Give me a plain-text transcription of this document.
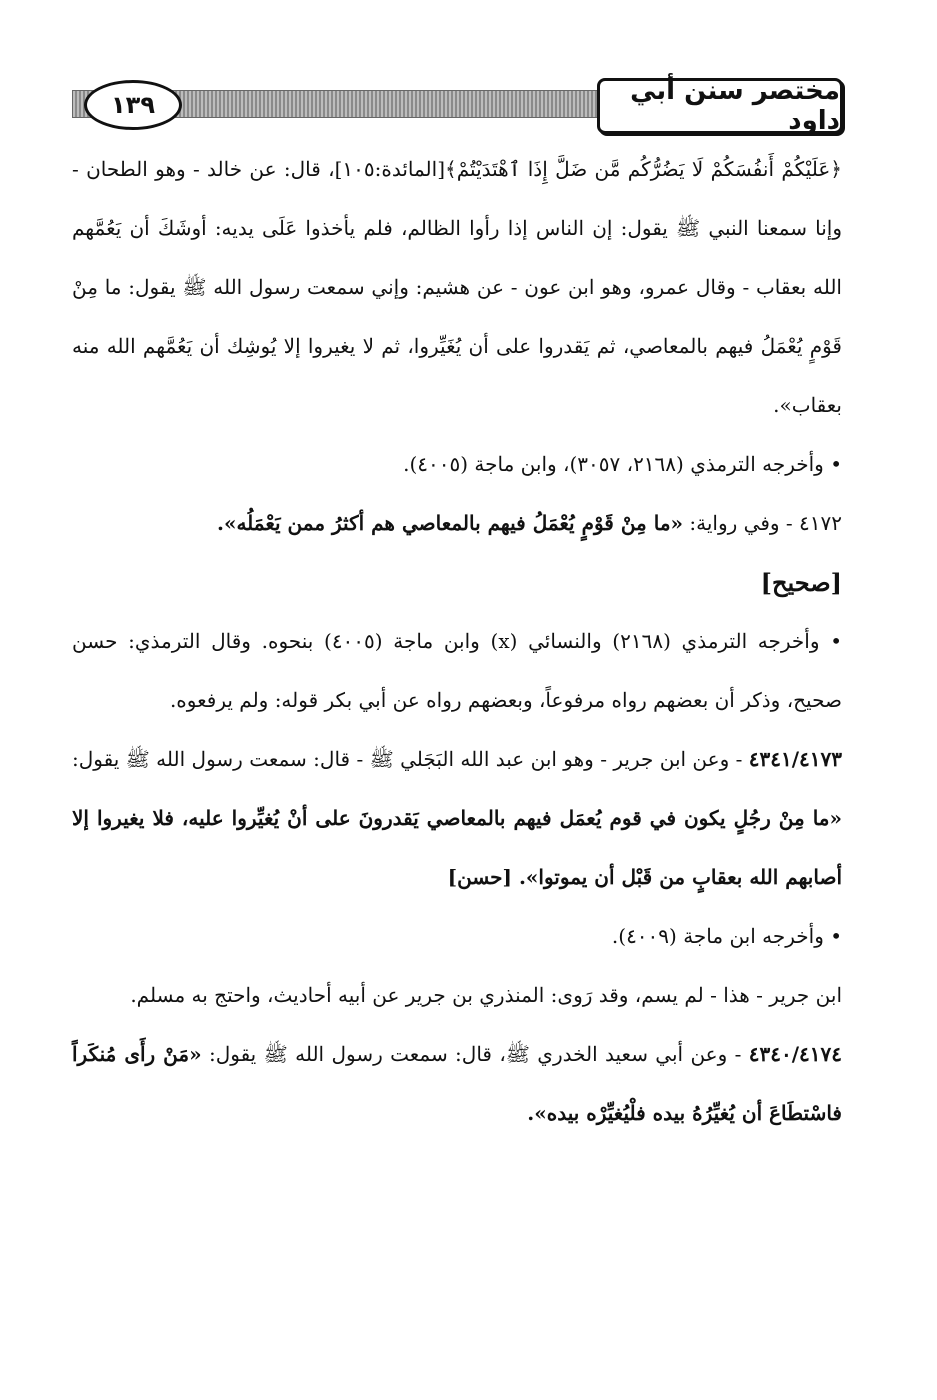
مختصر سنن أبي داود
١٣٩

﴿عَلَيْكُمْ أَنفُسَكُمْ لَا يَضُرُّكُم مَّن ضَلَّ إِذَا ٱهْتَدَيْتُمْ﴾[المائدة:١٠٥]، قال: عن خالد - وهو الطحان - وإنا سمعنا النبي ﷺ يقول: إن الناس إذا رأوا الظالم، فلم يأخذوا عَلَى يديه: أوشَكَ أن يَعُمَّهم الله بعقاب - وقال عمرو، وهو ابن عون - عن هشيم: وإني سمعت رسول الله ﷺ يقول: ما مِنْ قَوْمٍ يُعْمَلُ فيهم بالمعاصي، ثم يَقدروا على أن يُغَيِّروا، ثم لا يغيروا إلا يُوشِك أن يَعُمَّهم الله منه بعقاب».

• وأخرجه الترمذي (٢١٦٨، ٣٠٥٧)، وابن ماجة (٤٠٠٥).

٤١٧٢ - وفي رواية: «ما مِنْ قَوْمٍ يُعْمَلُ فيهم بالمعاصي هم أكثرُ ممن يَعْمَلُه».

[صحيح]

• وأخرجه الترمذي (٢١٦٨) والنسائي (x) وابن ماجة (٤٠٠٥) بنحوه. وقال الترمذي: حسن صحيح، وذكر أن بعضهم رواه مرفوعاً، وبعضهم رواه عن أبي بكر قوله: ولم يرفعوه.

٤٣٤١/٤١٧٣ - وعن ابن جرير - وهو ابن عبد الله البَجَلي ﷺ - قال: سمعت رسول الله ﷺ يقول: «ما مِنْ رجُلٍ يكون في قوم يُعمَل فيهم بالمعاصي يَقدرونَ على أنْ يُغيِّروا عليه، فلا يغيروا إلا أصابهم الله بعقابٍ من قَبْل أن يموتوا». [حسن]

• وأخرجه ابن ماجة (٤٠٠٩).

ابن جرير - هذا - لم يسم، وقد رَوى: المنذري بن جرير عن أبيه أحاديث، واحتج به مسلم.

٤٣٤٠/٤١٧٤ - وعن أبي سعيد الخدري ﷺ، قال: سمعت رسول الله ﷺ يقول: «مَنْ رأَى مُنكَراً فاسْتطَاعَ أن يُغيِّرُهُ بيده فلْيُغيِّرْه بيده».
